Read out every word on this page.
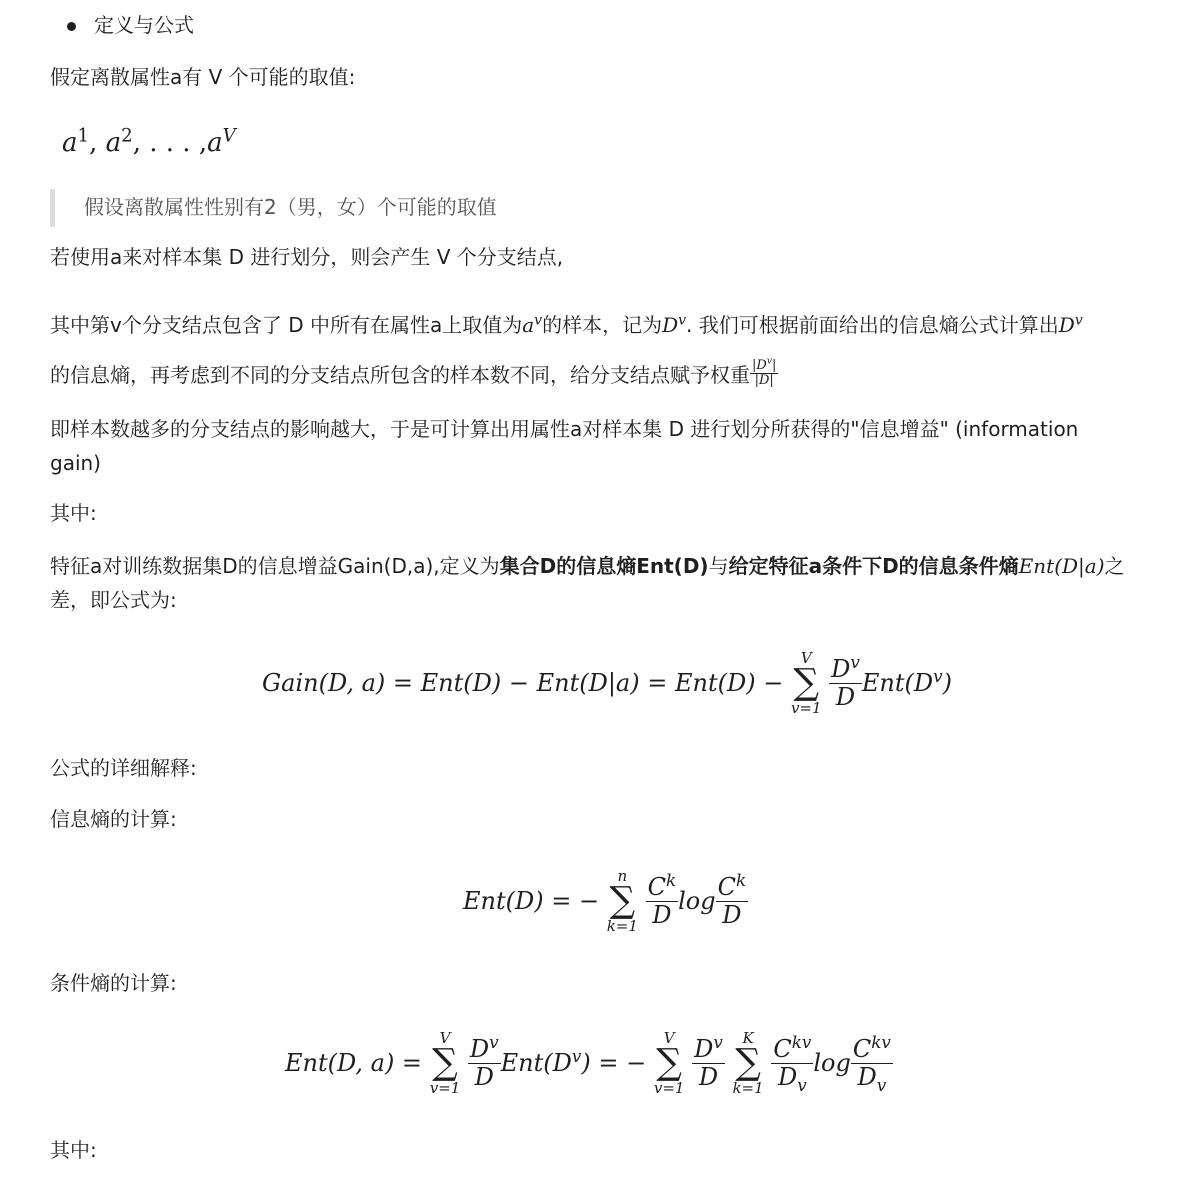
定义与公式
假定离散属性a有 V 个可能的取值:
$a^1$, $a^2$, . . . $,a^V$
假设离散属性性别有2（男，女）个可能的取值
若使用a来对样本集 D 进行划分，则会产生 V 个分支结点,
其中第v个分支结点包含了 D 中所有在属性a上取值为$a^v$的样本，记为$D^v$. 我们可根据前面给出的信息熵公式计算出$D^v$
的信息熵，再考虑到不同的分支结点所包含的样本数不同，给分支结点赋予权重 $\frac{|D^v|}{|D|}$
即样本数越多的分支结点的影响越大，于是可计算出用属性a对样本集 D 进行划分所获得的"信息增益" (information
gain)
其中:
特征a对训练数据集D的信息增益Gain(D,a),定义为集合D的信息熵Ent(D)与给定特征a条件下D的信息条件熵Ent(D|a)之
差，即公式为:
Gain(D, a) = Ent(D) − Ent(D|a) = Ent(D) −
V
∑
v=1
$\frac{D^v}{D} Ent(D^v)$
公式的详细解释:
信息熵的计算:
Ent(D) = −
n
∑
k=1
$\frac{C^k}{D}$ $\log \frac{C^k}{D}$
条件熵的计算:
Ent(D, a) =
V
∑
v=1
$\frac{D^v}{D} Ent(D^v)$ = −
V
∑
v=1
$\frac{D^v}{D}$
	K
∑
k=1
$\frac{C^{kv}}{D_v}$ $\log \frac{C^{kv}}{D_v}$
其中:
